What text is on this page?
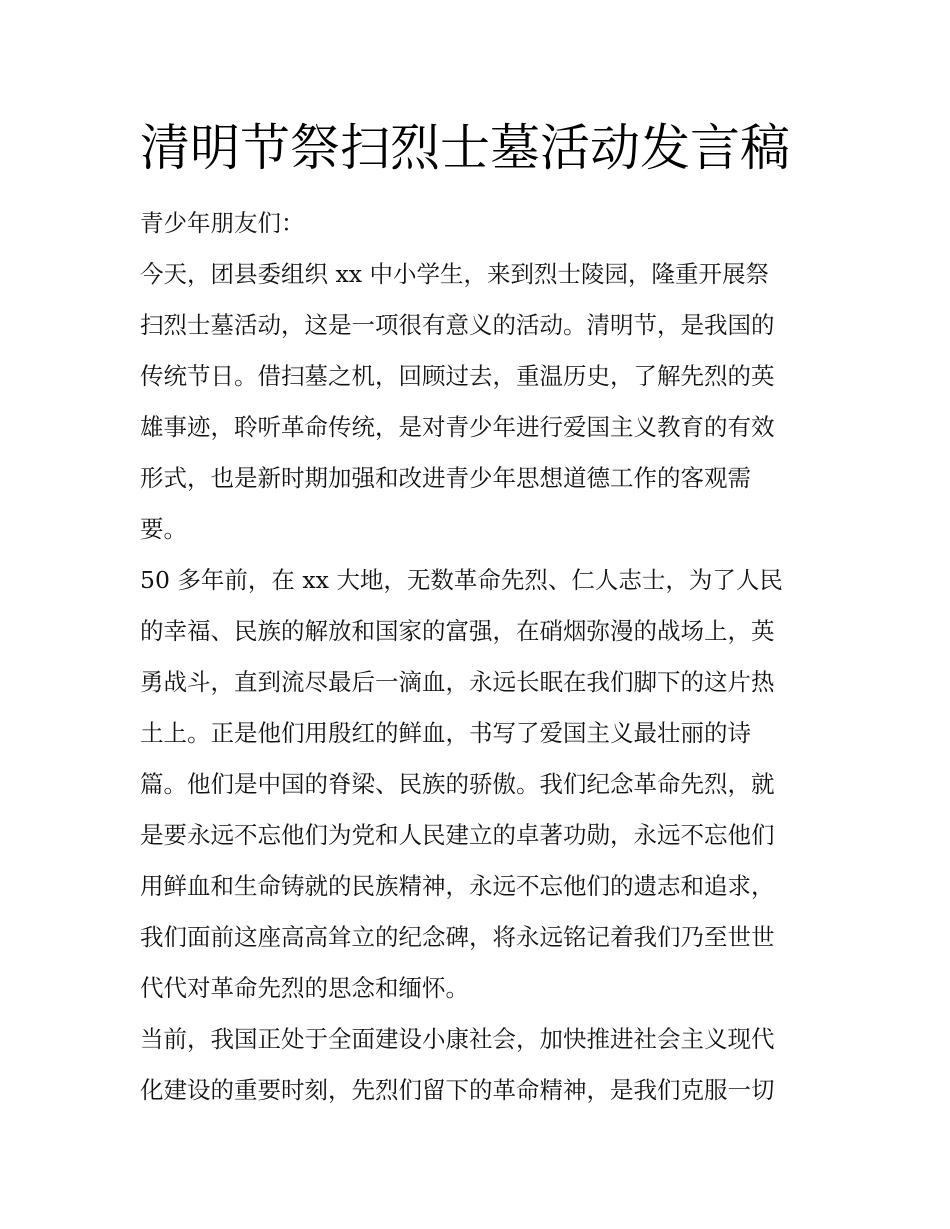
清明节祭扫烈士墓活动发言稿
青少年朋友们：
今天，团县委组织 xx 中小学生，来到烈士陵园，隆重开展祭
扫烈士墓活动，这是一项很有意义的活动。清明节，是我国的
传统节日。借扫墓之机，回顾过去，重温历史，了解先烈的英
雄事迹，聆听革命传统，是对青少年进行爱国主义教育的有效
形式，也是新时期加强和改进青少年思想道德工作的客观需
要。
50 多年前，在 xx 大地，无数革命先烈、仁人志士，为了人民
的幸福、民族的解放和国家的富强，在硝烟弥漫的战场上，英
勇战斗，直到流尽最后一滴血，永远长眠在我们脚下的这片热
土上。正是他们用殷红的鲜血，书写了爱国主义最壮丽的诗
篇。他们是中国的脊梁、民族的骄傲。我们纪念革命先烈，就
是要永远不忘他们为党和人民建立的卓著功勋，永远不忘他们
用鲜血和生命铸就的民族精神，永远不忘他们的遗志和追求，
我们面前这座高高耸立的纪念碑，将永远铭记着我们乃至世世
代代对革命先烈的思念和缅怀。
当前，我国正处于全面建设小康社会，加快推进社会主义现代
化建设的重要时刻，先烈们留下的革命精神，是我们克服一切
